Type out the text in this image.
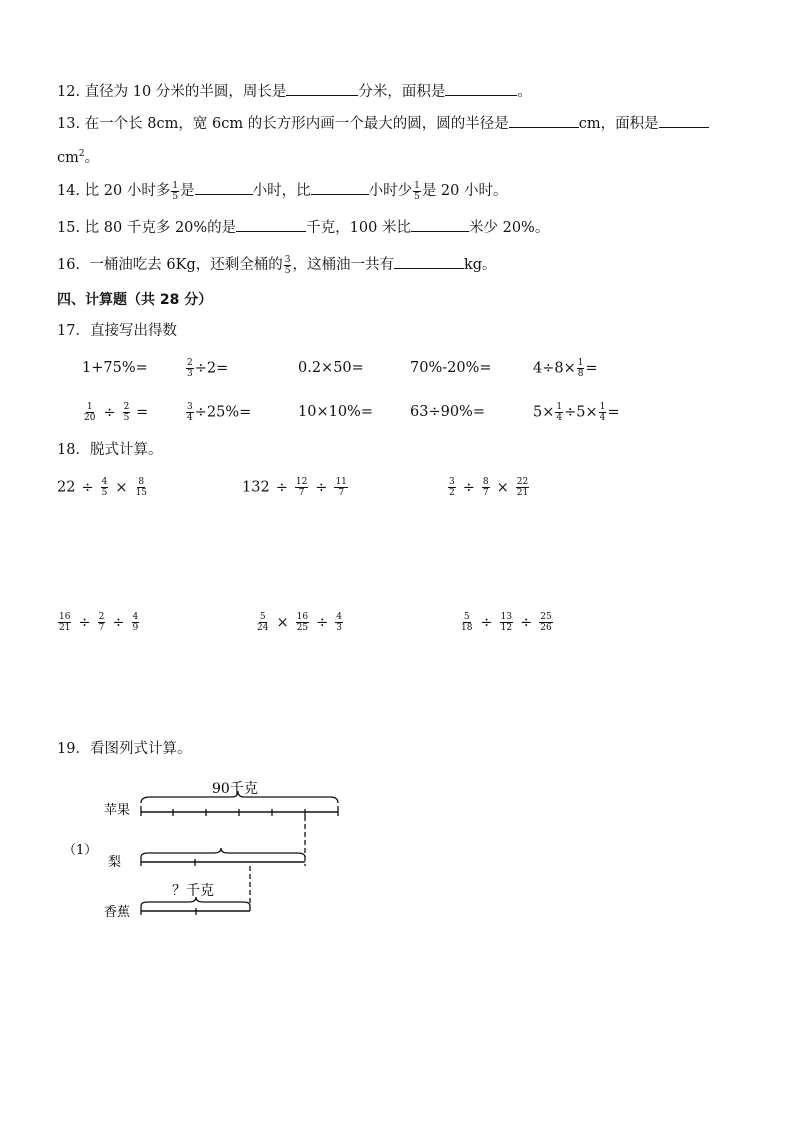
12. 直径为 10 分米的半圆，周长是	分米，面积是	。
13. 在一个长 8cm，宽 6cm 的长方形内画一个最大的圆，圆的半径是	cm，面积是
$cm^2$。
14. 比 20 小时多 $\frac{1}{5}$ 是	小时，比	小时少 $\frac{1}{5}$ 是 20 小时。
15. 比 80 千克多 20%的是	千克，100 米比	米少 20%。
16. 一桶油吃去 6Kg，还剩全桶的 $\frac{3}{5}$ ，这桶油一共有	kg。
四、计算题（共 28 分）
17．直接写出得数
1+75%=	$\frac{2}{3} \div 2=$	0.2×50=	70%-20%=	$4\div 8\times \frac{1}{8}$ =
$\frac{1}{20} \div \frac{2}{5}$ =	$\frac{3}{4} \div 25\%=$	10×10%=	63÷90%=	$5\times \frac{1}{4} \div 5\times \frac{1}{4}$ =
18．脱式计算。
$22 \div \frac{4}{5} \times \frac{8}{15}$	$132 \div \frac{12}{7} \div \frac{11}{7}$	$\frac{3}{2} \div \frac{8}{7} \times \frac{22}{21}$
$\frac{16}{21} \div \frac{2}{7} \div \frac{4}{9}$	$\frac{5}{24} \times \frac{16}{25} \div \frac{4}{3}$	$\frac{5}{18} \div \frac{13}{12} \div \frac{25}{26}$
19．看图列式计算。
苹果
（1）
梨
香蕉
90千克
？千克
